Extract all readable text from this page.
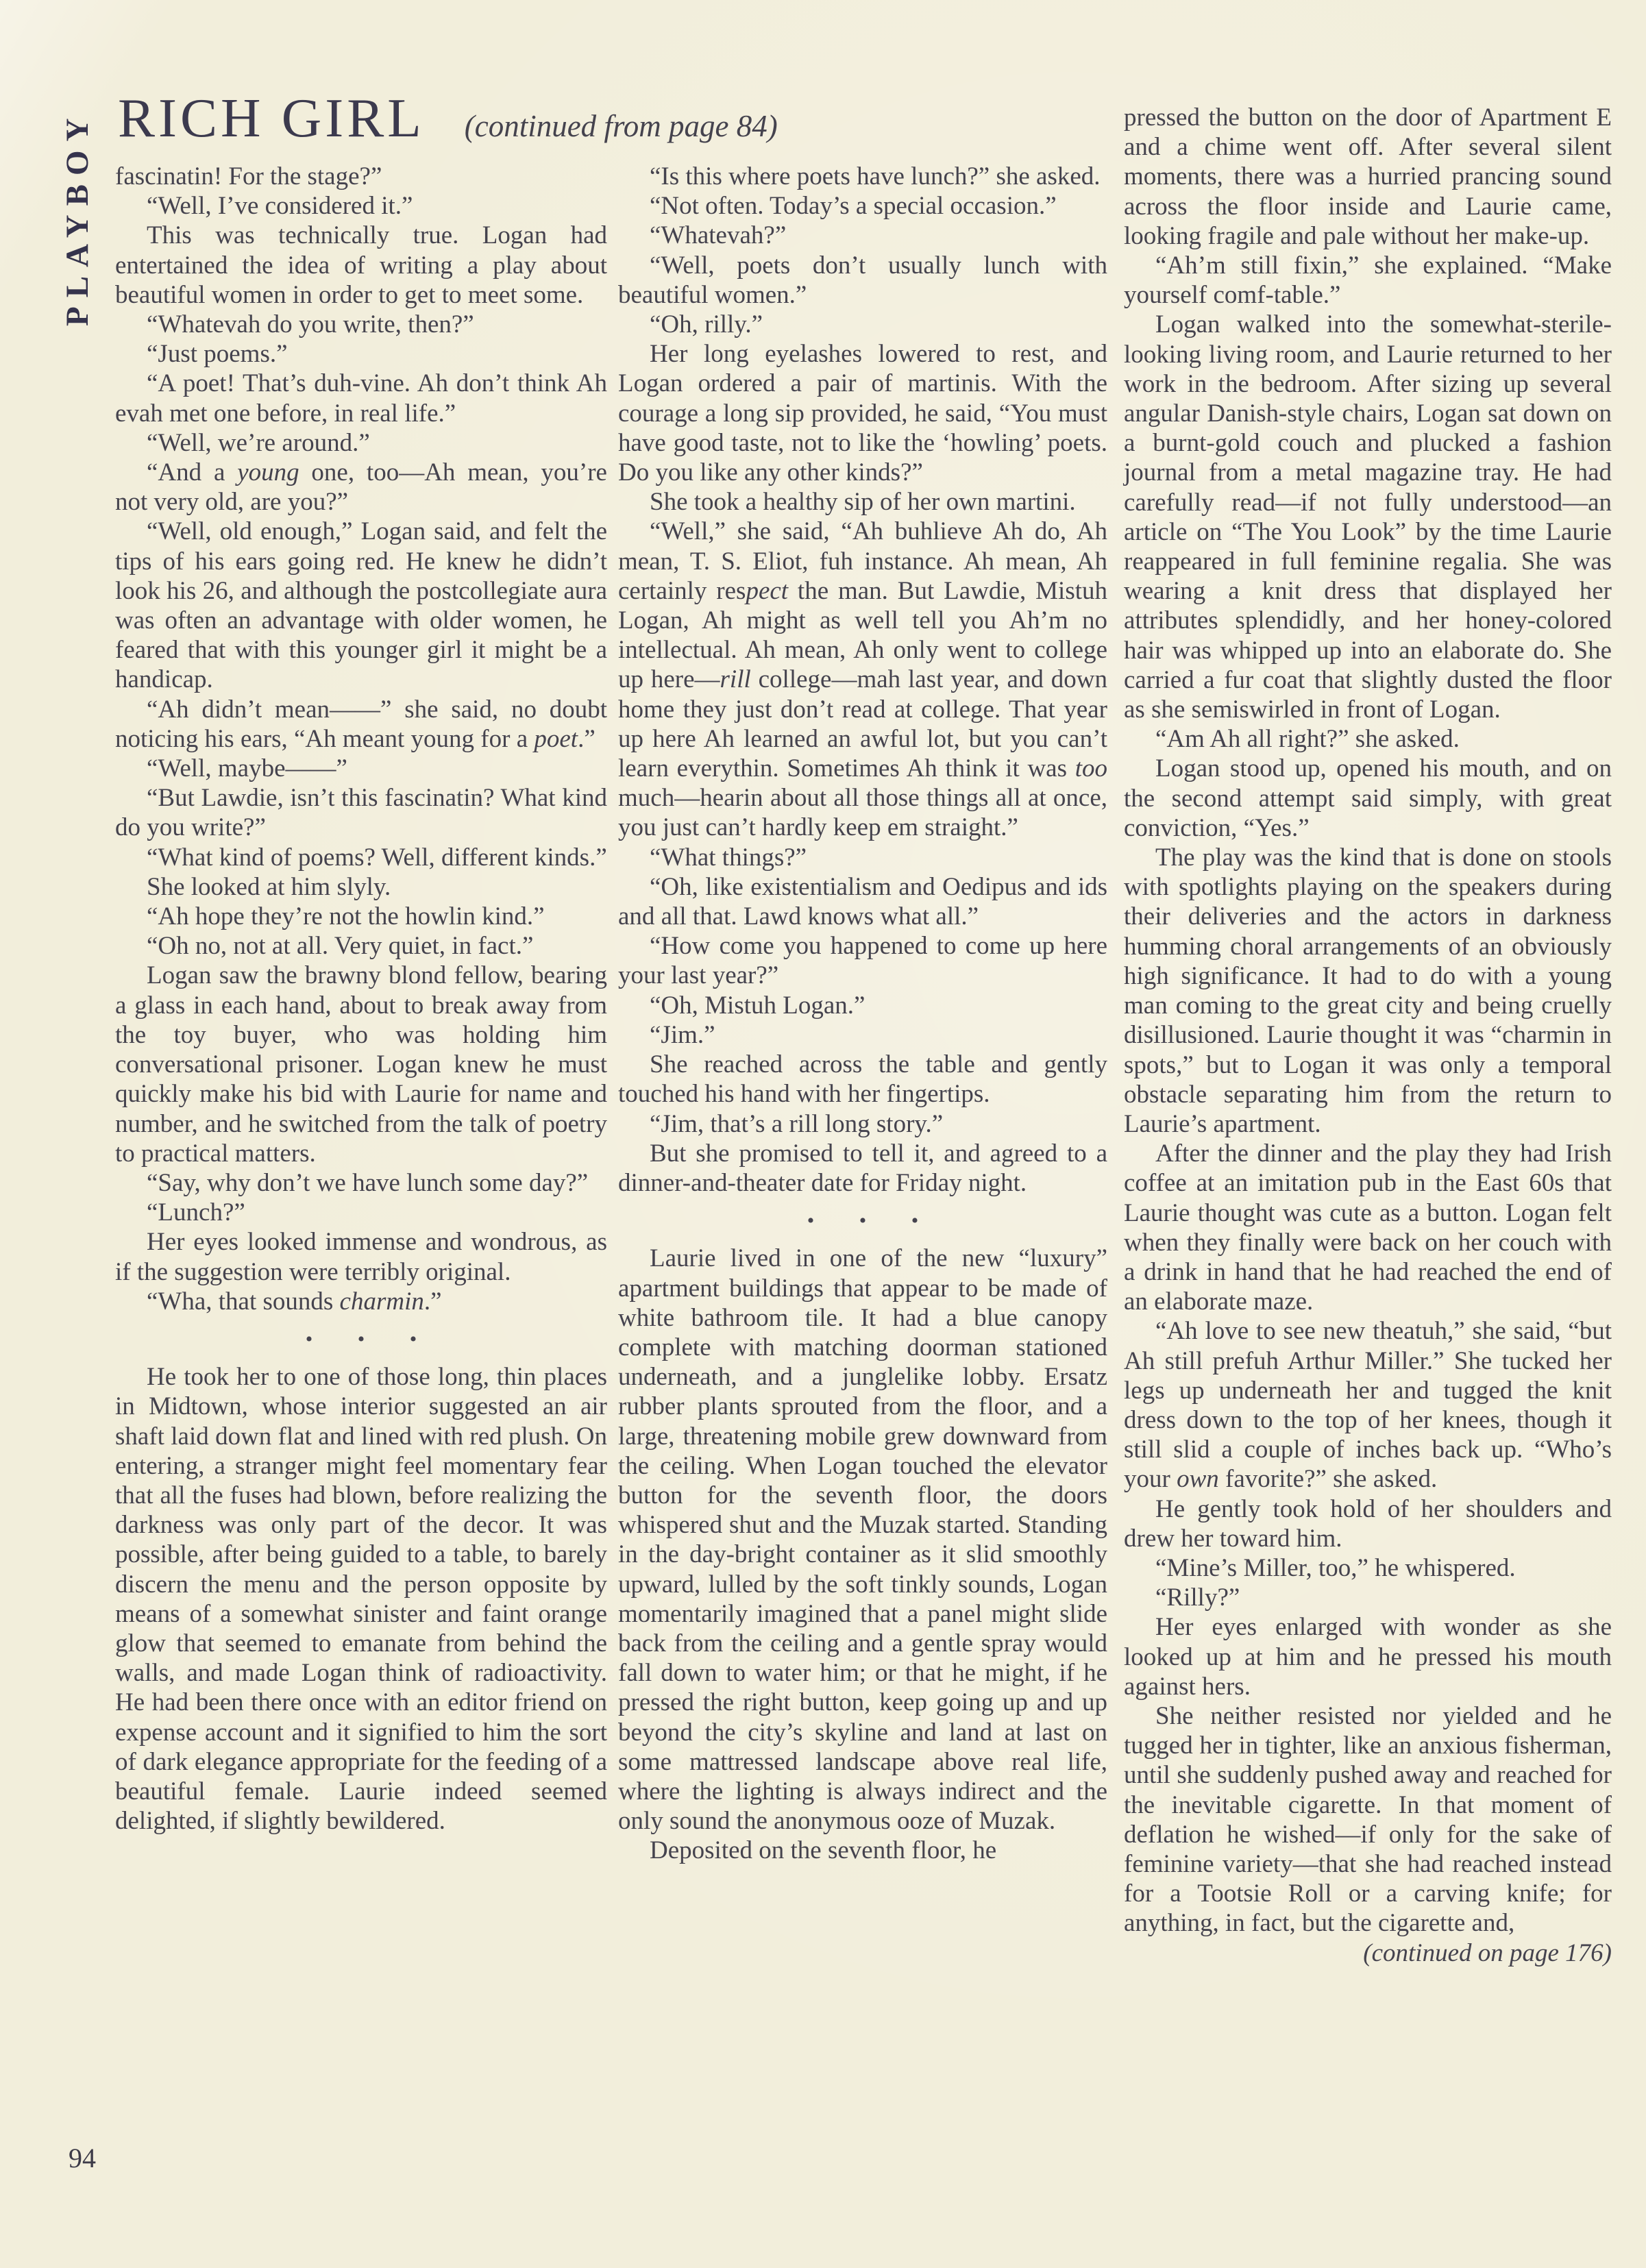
PLAYBOY RICH GIRL (continued from page 84)

fascinatin! For the stage?”

“Well, I’ve considered it.”

This was technically true. Logan had entertained the idea of writing a play about beautiful women in order to get to meet some.

“Whatevah do you write, then?”

“Just poems.”

“A poet! That’s duh-vine. Ah don’t think Ah evah met one before, in real life.”

“Well, we’re around.”

“And a young one, too—Ah mean, you’re not very old, are you?”

“Well, old enough,” Logan said, and felt the tips of his ears going red. He knew he didn’t look his 26, and although the postcollegiate aura was often an advantage with older women, he feared that with this younger girl it might be a handicap.

“Ah didn’t mean——” she said, no doubt noticing his ears, “Ah meant young for a poet.”

“Well, maybe——”

“But Lawdie, isn’t this fascinatin? What kind do you write?”

“What kind of poems? Well, different kinds.”

She looked at him slyly.

“Ah hope they’re not the howlin kind.”

“Oh no, not at all. Very quiet, in fact.”

Logan saw the brawny blond fellow, bearing a glass in each hand, about to break away from the toy buyer, who was holding him conversational prisoner. Logan knew he must quickly make his bid with Laurie for name and number, and he switched from the talk of poetry to practical matters.

“Say, why don’t we have lunch some day?”

“Lunch?”

Her eyes looked immense and wondrous, as if the suggestion were terribly original.

“Wha, that sounds charmin.”

• • •

He took her to one of those long, thin places in Midtown, whose interior suggested an air shaft laid down flat and lined with red plush. On entering, a stranger might feel momentary fear that all the fuses had blown, before realizing the darkness was only part of the decor. It was possible, after being guided to a table, to barely discern the menu and the person opposite by means of a somewhat sinister and faint orange glow that seemed to emanate from behind the walls, and made Logan think of radioactivity. He had been there once with an editor friend on expense account and it signified to him the sort of dark elegance appropriate for the feeding of a beautiful female. Laurie indeed seemed delighted, if slightly bewildered.

“Is this where poets have lunch?” she asked.

“Not often. Today’s a special occasion.”

“Whatevah?”

“Well, poets don’t usually lunch with beautiful women.”

“Oh, rilly.”

Her long eyelashes lowered to rest, and Logan ordered a pair of martinis. With the courage a long sip provided, he said, “You must have good taste, not to like the ‘howling’ poets. Do you like any other kinds?”

She took a healthy sip of her own martini.

“Well,” she said, “Ah buhlieve Ah do, Ah mean, T. S. Eliot, fuh instance. Ah mean, Ah certainly respect the man. But Lawdie, Mistuh Logan, Ah might as well tell you Ah’m no intellectual. Ah mean, Ah only went to college up here—rill college—mah last year, and down home they just don’t read at college. That year up here Ah learned an awful lot, but you can’t learn everythin. Sometimes Ah think it was too much—hearin about all those things all at once, you just can’t hardly keep em straight.”

“What things?”

“Oh, like existentialism and Oedipus and ids and all that. Lawd knows what all.”

“How come you happened to come up here your last year?”

“Oh, Mistuh Logan.”

“Jim.”

She reached across the table and gently touched his hand with her fingertips.

“Jim, that’s a rill long story.”

But she promised to tell it, and agreed to a dinner-and-theater date for Friday night.

• • •

Laurie lived in one of the new “luxury” apartment buildings that appear to be made of white bathroom tile. It had a blue canopy complete with matching doorman stationed underneath, and a junglelike lobby. Ersatz rubber plants sprouted from the floor, and a large, threatening mobile grew downward from the ceiling. When Logan touched the elevator button for the seventh floor, the doors whispered shut and the Muzak started. Standing in the day-bright container as it slid smoothly upward, lulled by the soft tinkly sounds, Logan momentarily imagined that a panel might slide back from the ceiling and a gentle spray would fall down to water him; or that he might, if he pressed the right button, keep going up and up beyond the city’s skyline and land at last on some mattressed landscape above real life, where the lighting is always indirect and the only sound the anonymous ooze of Muzak.

Deposited on the seventh floor, he

pressed the button on the door of Apartment E and a chime went off. After several silent moments, there was a hurried prancing sound across the floor inside and Laurie came, looking fragile and pale without her make-up.

“Ah’m still fixin,” she explained. “Make yourself comf-table.”

Logan walked into the somewhat-sterile-looking living room, and Laurie returned to her work in the bedroom. After sizing up several angular Danish-style chairs, Logan sat down on a burnt-gold couch and plucked a fashion journal from a metal magazine tray. He had carefully read—if not fully understood—an article on “The You Look” by the time Laurie reappeared in full feminine regalia. She was wearing a knit dress that displayed her attributes splendidly, and her honey-colored hair was whipped up into an elaborate do. She carried a fur coat that slightly dusted the floor as she semiswirled in front of Logan.

“Am Ah all right?” she asked.

Logan stood up, opened his mouth, and on the second attempt said simply, with great conviction, “Yes.”

The play was the kind that is done on stools with spotlights playing on the speakers during their deliveries and the actors in darkness humming choral arrangements of an obviously high significance. It had to do with a young man coming to the great city and being cruelly disillusioned. Laurie thought it was “charmin in spots,” but to Logan it was only a temporal obstacle separating him from the return to Laurie’s apartment.

After the dinner and the play they had Irish coffee at an imitation pub in the East 60s that Laurie thought was cute as a button. Logan felt when they finally were back on her couch with a drink in hand that he had reached the end of an elaborate maze.

“Ah love to see new theatuh,” she said, “but Ah still prefuh Arthur Miller.” She tucked her legs up underneath her and tugged the knit dress down to the top of her knees, though it still slid a couple of inches back up. “Who’s your own favorite?” she asked.

He gently took hold of her shoulders and drew her toward him.

“Mine’s Miller, too,” he whispered.

“Rilly?”

Her eyes enlarged with wonder as she looked up at him and he pressed his mouth against hers.

She neither resisted nor yielded and he tugged her in tighter, like an anxious fisherman, until she suddenly pushed away and reached for the inevitable cigarette. In that moment of deflation he wished—if only for the sake of feminine variety—that she had reached instead for a Tootsie Roll or a carving knife; for anything, in fact, but the cigarette and,

(continued on page 176)

94
